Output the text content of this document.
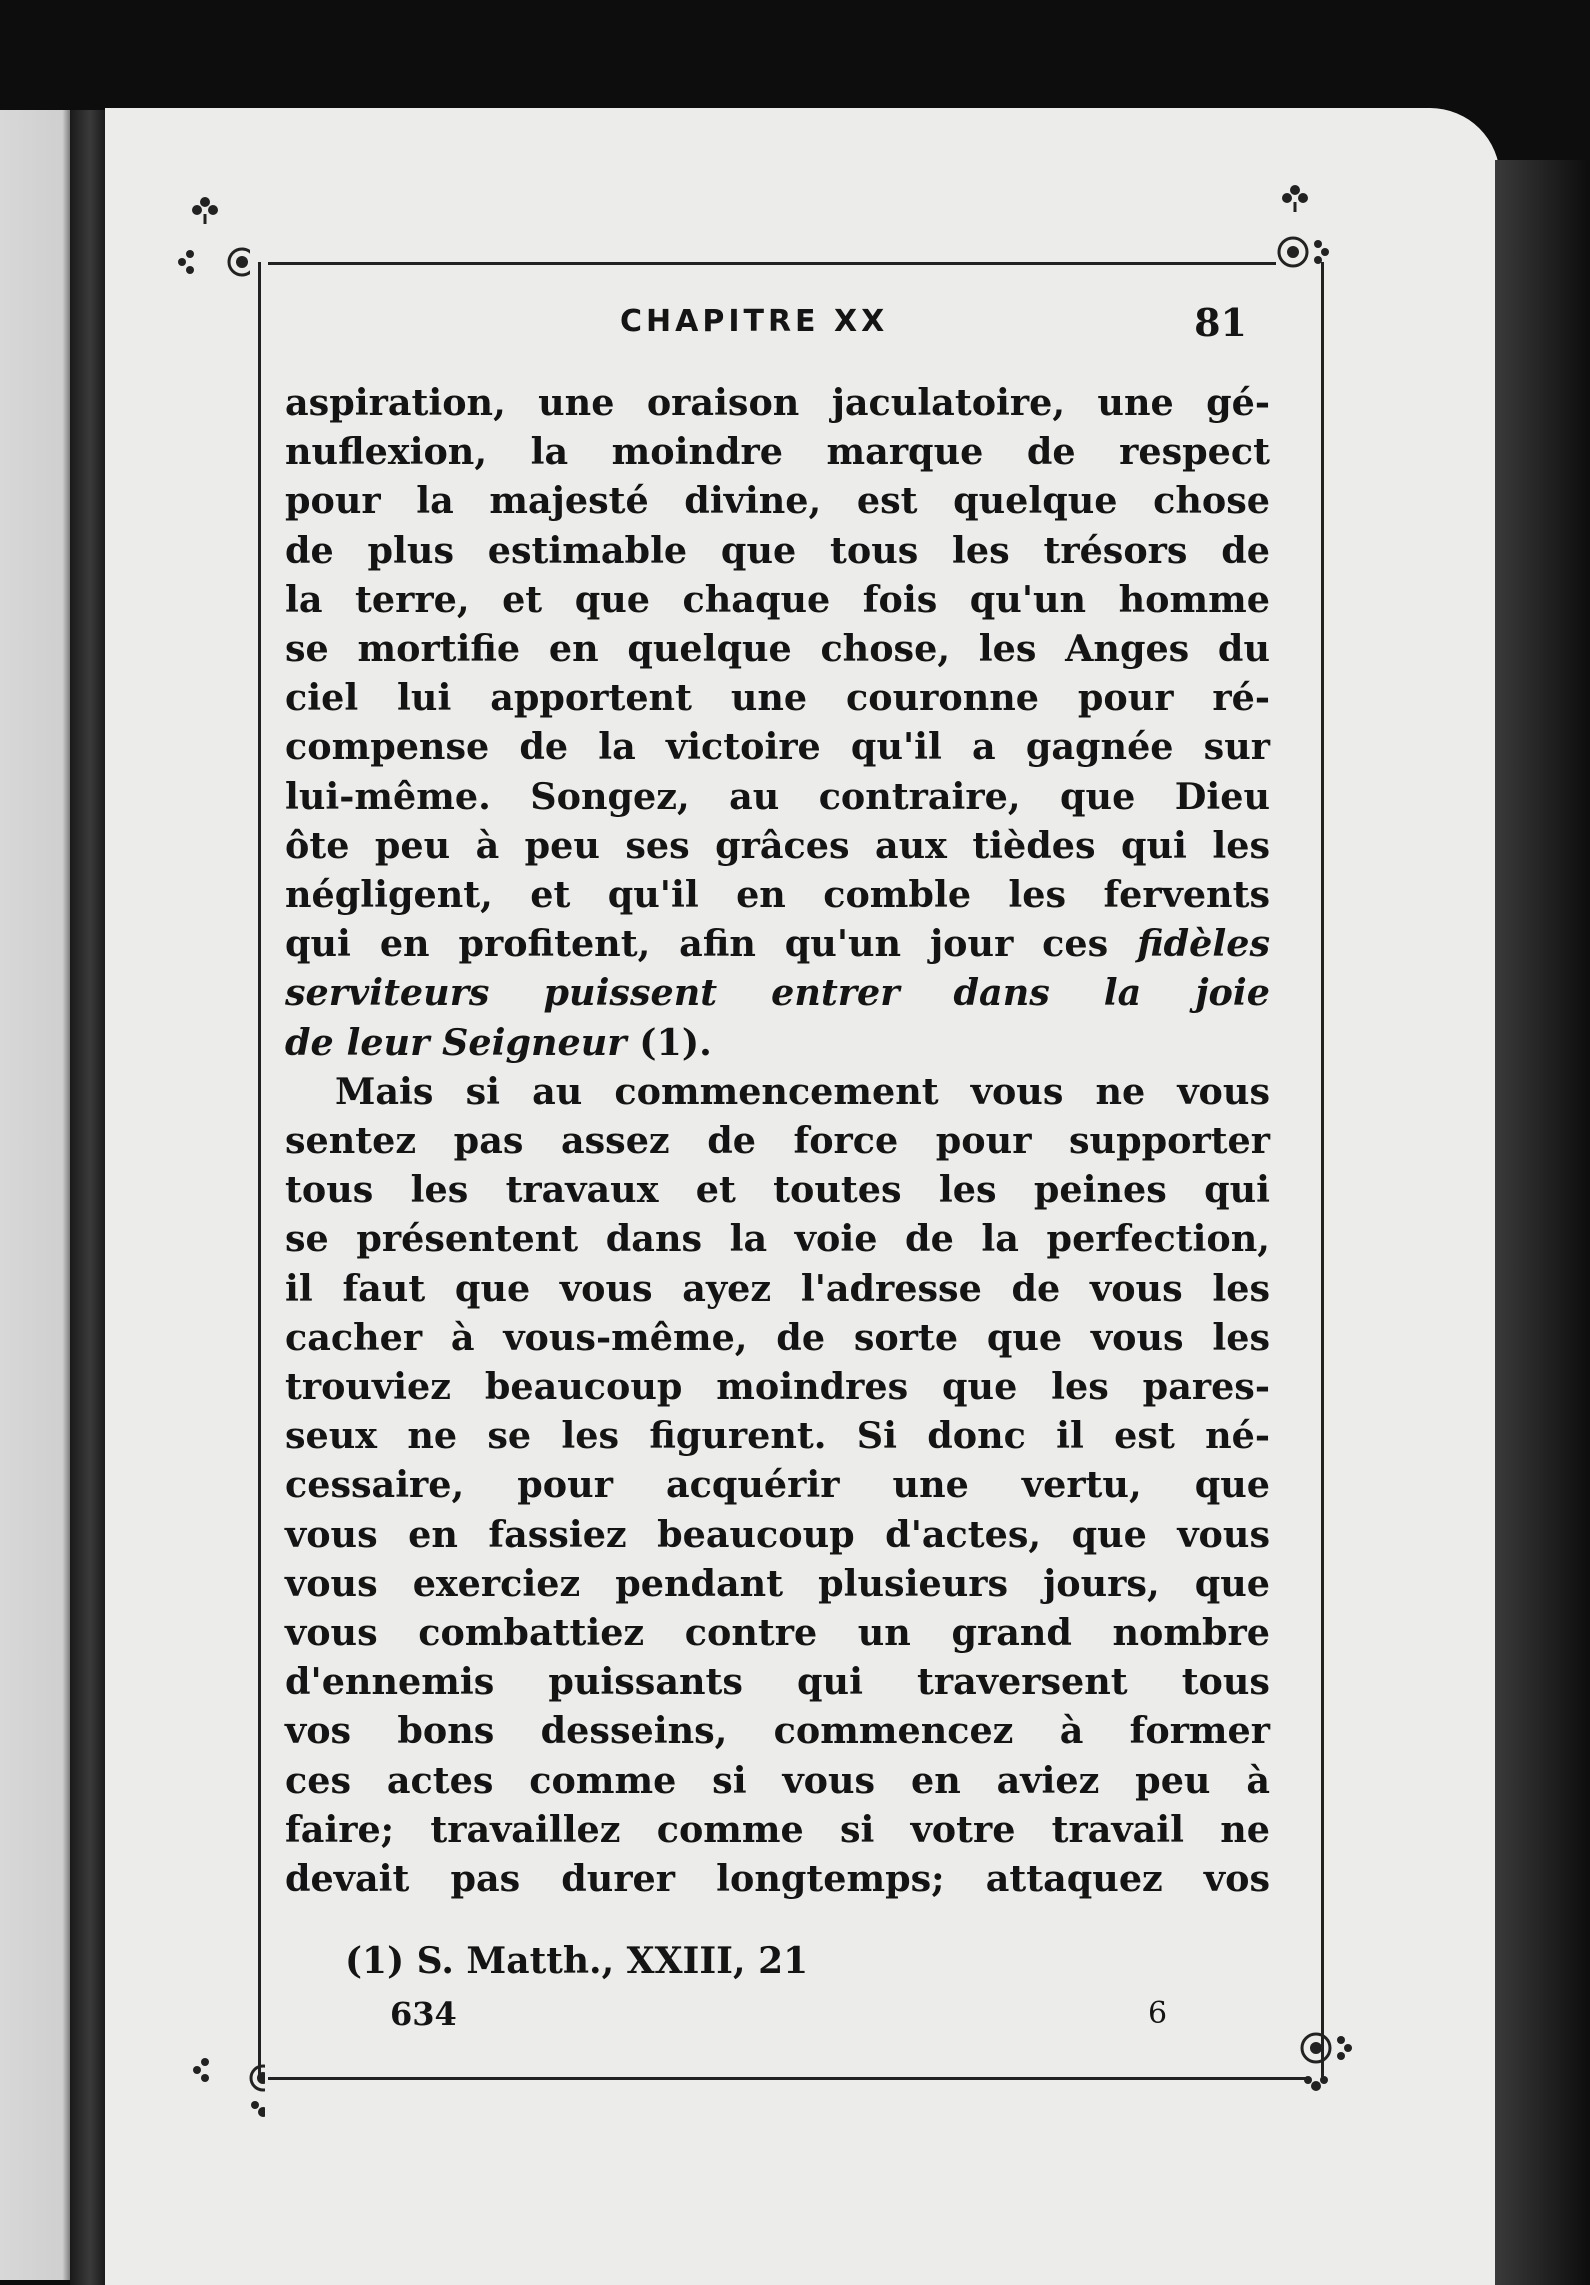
CHAPITRE XX	81

aspiration, une oraison jaculatoire, une gé-

nuflexion, la moindre marque de respect

pour la majesté divine, est quelque chose

de plus estimable que tous les trésors de

la terre, et que chaque fois qu'un homme

se mortifie en quelque chose, les Anges du

ciel lui apportent une couronne pour ré-

compense de la victoire qu'il a gagnée sur

lui-même. Songez, au contraire, que Dieu

ôte peu à peu ses grâces aux tièdes qui les

négligent, et qu'il en comble les fervents

qui en profitent, afin qu'un jour ces fidèles

serviteurs puissent entrer dans la joie

de leur Seigneur (1).

Mais si au commencement vous ne vous

sentez pas assez de force pour supporter

tous les travaux et toutes les peines qui

se présentent dans la voie de la perfection,

il faut que vous ayez l'adresse de vous les

cacher à vous-même, de sorte que vous les

trouviez beaucoup moindres que les pares-

seux ne se les figurent. Si donc il est né-

cessaire, pour acquérir une vertu, que

vous en fassiez beaucoup d'actes, que vous

vous exerciez pendant plusieurs jours, que

vous combattiez contre un grand nombre

d'ennemis puissants qui traversent tous

vos bons desseins, commencez à former

ces actes comme si vous en aviez peu à

faire; travaillez comme si votre travail ne

devait pas durer longtemps; attaquez vos

(1) S. Matth., XXIII, 21
634	6
